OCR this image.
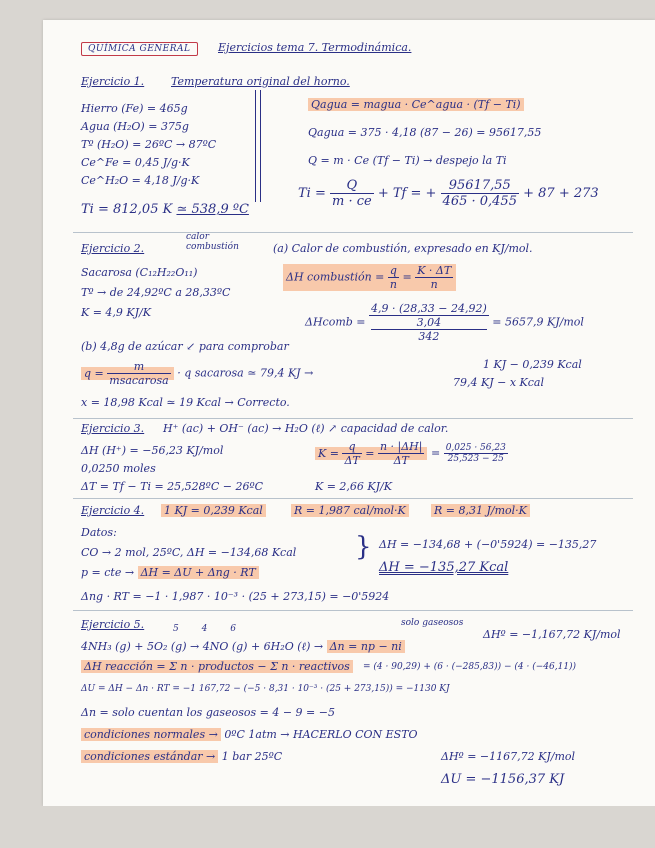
QUÍMICA GENERAL	Ejercicios tema 7. Termodinámica.
Ejercicio 1. Temperatura original del horno.
Hierro (Fe) = 465g
Agua (H₂O) = 375g
Tº (H₂O) = 26ºC → 87ºC
Ce^Fe = 0,45 J/g·K
Ce^H₂O = 4,18 J/g·K
Ti = 812,05 K ≃ 538,9 ºC
Qagua = magua · Ce^agua · (Tf − Ti)
Qagua = 375 · 4,18 (87 − 26) = 95617,55
Q = m · Ce (Tf − Ti) → despejo la Ti
$Ti = \frac{Q}{m \cdot ce} + Tf$ = + $\frac{95617,55}{465 \cdot 0,455} + 87 + 273$
Ejercicio 2.
calor combustión	(a) Calor de combustión, expresado en KJ/mol.
Sacarosa (C₁₂H₂₂O₁₁)
Tº → de 24,92ºC a 28,33ºC
K = 4,9 KJ/K
ΔH combustión = $\frac{q}{n} = \frac{K \cdot \Delta T}{n}$
ΔHcomb = 4,9 · (28,33 − 24,92)
3,04
342 = 5657,9 KJ/mol
(b) 4,8g de azúcar ↙ para comprobar
$q = \frac{m}{\text{msacarosa}} \cdot q$ sacarosa ≃ 79,4 KJ →
1 KJ − 0,239 Kcal
79,4 KJ − x Kcal
x = 18,98 Kcal ≃ 19 Kcal → Correcto.
Ejercicio 3. H⁺ (ac) + OH⁻ (ac) → H₂O (ℓ) ↗ capacidad de calor.
ΔH (H⁺) = −56,23 KJ/mol
0,0250 moles
ΔT = Tf − Ti = 25,528ºC − 26ºC
$K = \frac{q}{\Delta T} = \frac{n \cdot |\Delta H|}{\Delta T} = \frac{0,025 \cdot 56,23}{25,523 - 25}$
K = 2,66 KJ/K
Ejercicio 4. 1 KJ = 0,239 Kcal	R = 1,987 cal/mol·K	R = 8,31 J/mol·K
Datos:
CO → 2 mol, 25ºC, ΔH = −134,68 Kcal
p = cte → ΔH = ΔU + Δng · RT
Δng · RT = −1 · 1,987 · 10⁻³ · (25 + 273,15) = −0'5924
} ΔH = −134,68 + (−0'5924) = −135,27
ΔH = −135,27 Kcal
Ejercicio 5.	5        4        6
solo gaseosos
ΔHº = −1,167,72 KJ/mol
4NH₃ (g) + 5O₂ (g) → 4NO (g) + 6H₂O (ℓ) → Δn = np − ni
ΔH reacción = Σ n · productos − Σ n · reactivos	= (4 · 90,29) + (6 · (−285,83)) − (4 · (−46,11))
ΔU = ΔH − Δn · RT = −1 167,72 − (−5 · 8,31 · 10⁻³ · (25 + 273,15)) = −1130 KJ
Δn = solo cuentan los gaseosos = 4 − 9 = −5
condiciones normales → 0ºC 1atm → HACERLO CON ESTO
condiciones estándar → 1 bar 25ºC	ΔHº = −1167,72 KJ/mol
ΔU = −1156,37 KJ
